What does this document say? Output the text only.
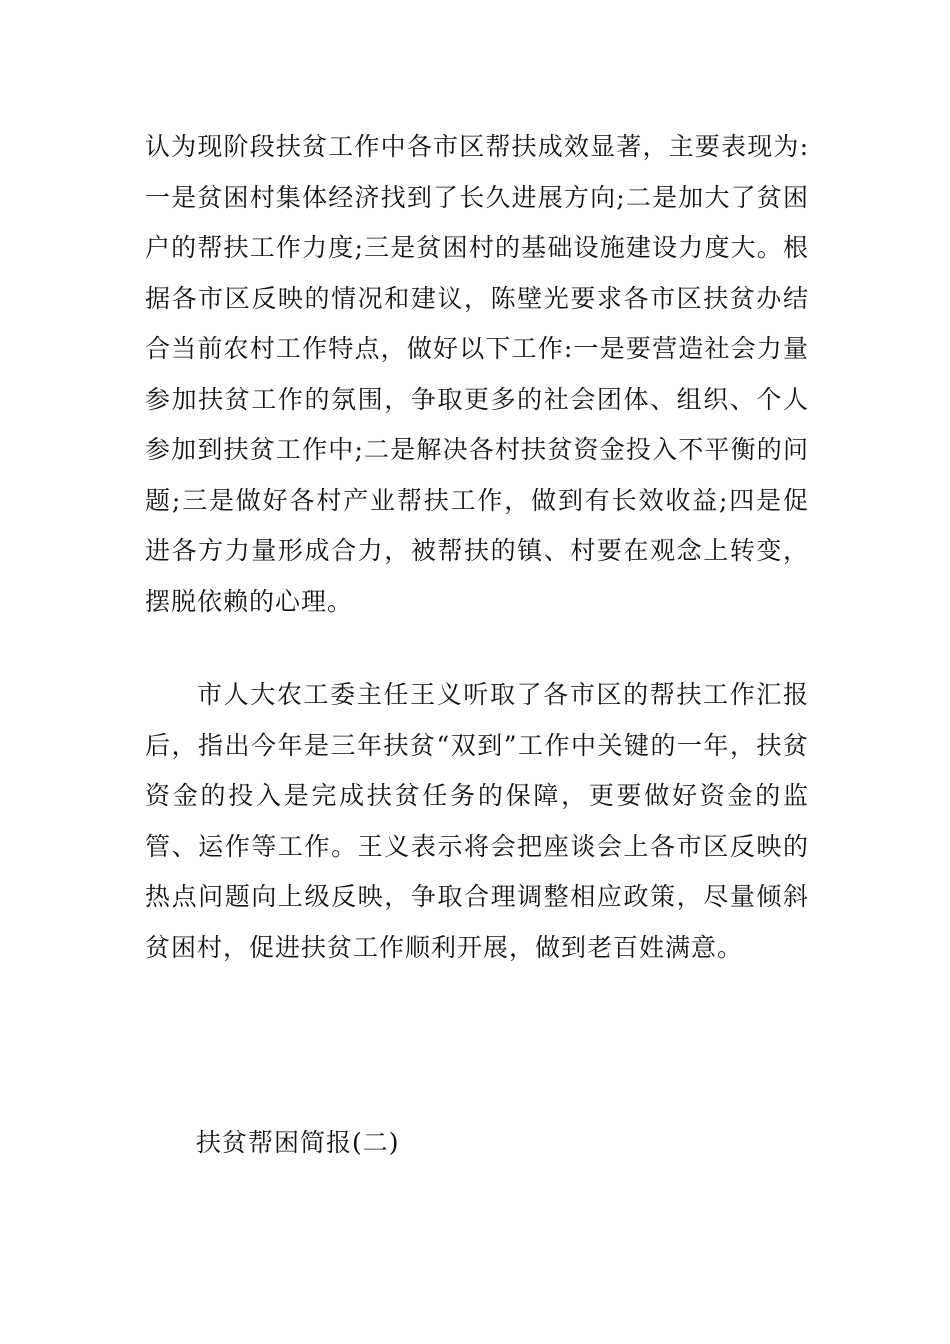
认为现阶段扶贫工作中各市区帮扶成效显著，主要表现为:一是贫困村集体经济找到了长久进展方向;二是加大了贫困户的帮扶工作力度;三是贫困村的基础设施建设力度大。根据各市区反映的情况和建议，陈壁光要求各市区扶贫办结合当前农村工作特点，做好以下工作:一是要营造社会力量参加扶贫工作的氛围，争取更多的社会团体、组织、个人参加到扶贫工作中;二是解决各村扶贫资金投入不平衡的问题;三是做好各村产业帮扶工作，做到有长效收益;四是促进各方力量形成合力，被帮扶的镇、村要在观念上转变，摆脱依赖的心理。

市人大农工委主任王义听取了各市区的帮扶工作汇报后，指出今年是三年扶贫“双到”工作中关键的一年，扶贫资金的投入是完成扶贫任务的保障，更要做好资金的监管、运作等工作。王义表示将会把座谈会上各市区反映的热点问题向上级反映，争取合理调整相应政策，尽量倾斜贫困村，促进扶贫工作顺利开展，做到老百姓满意。

扶贫帮困简报(二)
